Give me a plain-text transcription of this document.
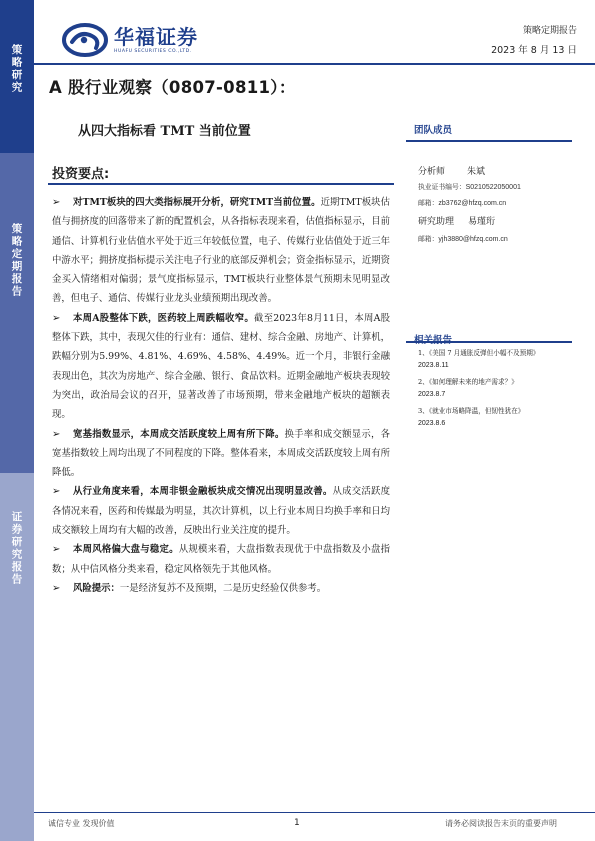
策略研究
策略定期报告
证券研究报告
华福证券
HUAFU SECURITIES CO.,LTD.
策略定期报告
2023 年 8 月 13 日
A 股行业观察（0807-0811）：
从四大指标看 TMT 当前位置
投资要点:
➢	对TMT板块的四大类指标展开分析，研究TMT当前位置。近期TMT板块估值与拥挤度的回落带来了新的配置机会，从各指标表现来看，估值指标显示，目前通信、计算机行业估值水平处于近三年较低位置，电子、传媒行业估值处于近三年中游水平；拥挤度指标提示关注电子行业的底部反弹机会；资金指标显示，近期资金买入情绪相对偏弱；景气度指标显示，TMT板块行业整体景气预期未见明显改善，但电子、通信、传媒行业龙头业绩预期出现改善。
➢	本周A股整体下跌，医药较上周跌幅收窄。截至2023年8月11日，本周A股整体下跌，其中，表现欠佳的行业有：通信、建材、综合金融、房地产、计算机，跌幅分别为5.99%、4.81%、4.69%、4.58%、4.49%。近一个月，非银行金融表现出色，其次为房地产、综合金融、银行、食品饮料。近期金融地产板块表现较为突出，政治局会议的召开，显著改善了市场预期，带来金融地产板块的超额表现。
➢	宽基指数显示，本周成交活跃度较上周有所下降。换手率和成交额显示，各宽基指数较上周均出现了不同程度的下降。整体看来，本周成交活跃度较上周有所降低。
➢	从行业角度来看，本周非银金融板块成交情况出现明显改善。从成交活跃度各情况来看，医药和传媒最为明显，其次计算机，以上行业本周日均换手率和日均成交额较上周均有大幅的改善，反映出行业关注度的提升。
➢	本周风格偏大盘与稳定。从规模来看，大盘指数表现优于中盘指数及小盘指数；从中信风格分类来看，稳定风格领先于其他风格。
➢	风险提示：一是经济复苏不及预期，二是历史经验仅供参考。
团队成员
分析师 朱斌
执业证书编号：S0210522050001
邮箱：zb3762@hfzq.com.cn
研究助理 易瑾珩
邮箱：yjh3880@hfzq.com.cn
1、《美国 7 月通胀反弹但小幅不及预期》
2023.8.11
2、《如何理解未来的地产需求？》
2023.8.7
3、《就业市场略降温，但韧性犹在》
2023.8.6
诚信专业 发现价值	1	请务必阅读报告末页的重要声明
